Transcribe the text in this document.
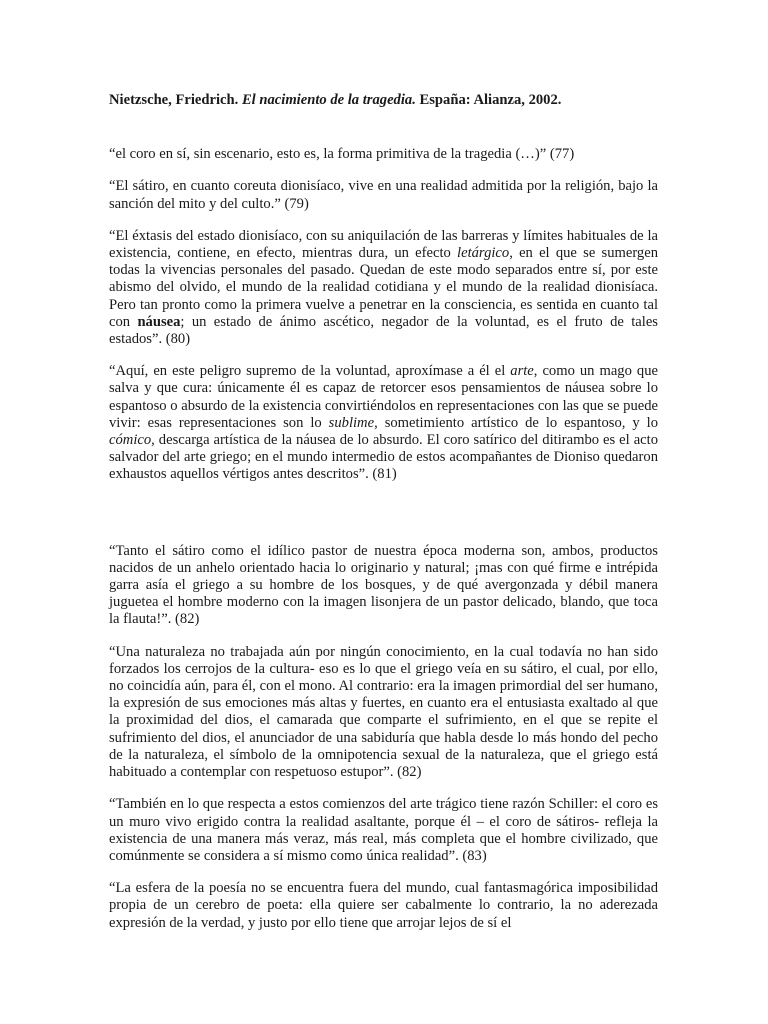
Nietzsche, Friedrich. El nacimiento de la tragedia. España: Alianza, 2002.

“el coro en sí, sin escenario, esto es, la forma primitiva de la tragedia (…)” (77)

“El sátiro, en cuanto coreuta dionisíaco, vive en una realidad admitida por la religión, bajo la sanción del mito y del culto.” (79)

“El éxtasis del estado dionisíaco, con su aniquilación de las barreras y límites habituales de la existencia, contiene, en efecto, mientras dura, un efecto letárgico, en el que se sumergen todas la vivencias personales del pasado. Quedan de este modo separados entre sí, por este abismo del olvido, el mundo de la realidad cotidiana y el mundo de la realidad dionisíaca. Pero tan pronto como la primera vuelve a penetrar en la consciencia, es sentida en cuanto tal con náusea; un estado de ánimo ascético, negador de la voluntad, es el fruto de tales estados”. (80)

“Aquí, en este peligro supremo de la voluntad, aproxímase a él el arte, como un mago que salva y que cura: únicamente él es capaz de retorcer esos pensamientos de náusea sobre lo espantoso o absurdo de la existencia convirtiéndolos en representaciones con las que se puede vivir: esas representaciones son lo sublime, sometimiento artístico de lo espantoso, y lo cómico, descarga artística de la náusea de lo absurdo. El coro satírico del ditirambo es el acto salvador del arte griego; en el mundo intermedio de estos acompañantes de Dioniso quedaron exhaustos aquellos vértigos antes descritos”. (81)

“Tanto el sátiro como el idílico pastor de nuestra época moderna son, ambos, productos nacidos de un anhelo orientado hacia lo originario y natural; ¡mas con qué firme e intrépida garra asía el griego a su hombre de los bosques, y de qué avergonzada y débil manera juguetea el hombre moderno con la imagen lisonjera de un pastor delicado, blando, que toca la flauta!”. (82)

“Una naturaleza no trabajada aún por ningún conocimiento, en la cual todavía no han sido forzados los cerrojos de la cultura- eso es lo que el griego veía en su sátiro, el cual, por ello, no coincidía aún, para él, con el mono. Al contrario: era la imagen primordial del ser humano, la expresión de sus emociones más altas y fuertes, en cuanto era el entusiasta exaltado al que la proximidad del dios, el camarada que comparte el sufrimiento, en el que se repite el sufrimiento del dios, el anunciador de una sabiduría que habla desde lo más hondo del pecho de la naturaleza, el símbolo de la omnipotencia sexual de la naturaleza, que el griego está habituado a contemplar con respetuoso estupor”. (82)

“También en lo que respecta a estos comienzos del arte trágico tiene razón Schiller: el coro es un muro vivo erigido contra la realidad asaltante, porque él – el coro de sátiros- refleja la existencia de una manera más veraz, más real, más completa que el hombre civilizado, que comúnmente se considera a sí mismo como única realidad”. (83)

“La esfera de la poesía no se encuentra fuera del mundo, cual fantasmagórica imposibilidad propia de un cerebro de poeta: ella quiere ser cabalmente lo contrario, la no aderezada expresión de la verdad, y justo por ello tiene que arrojar lejos de sí el
